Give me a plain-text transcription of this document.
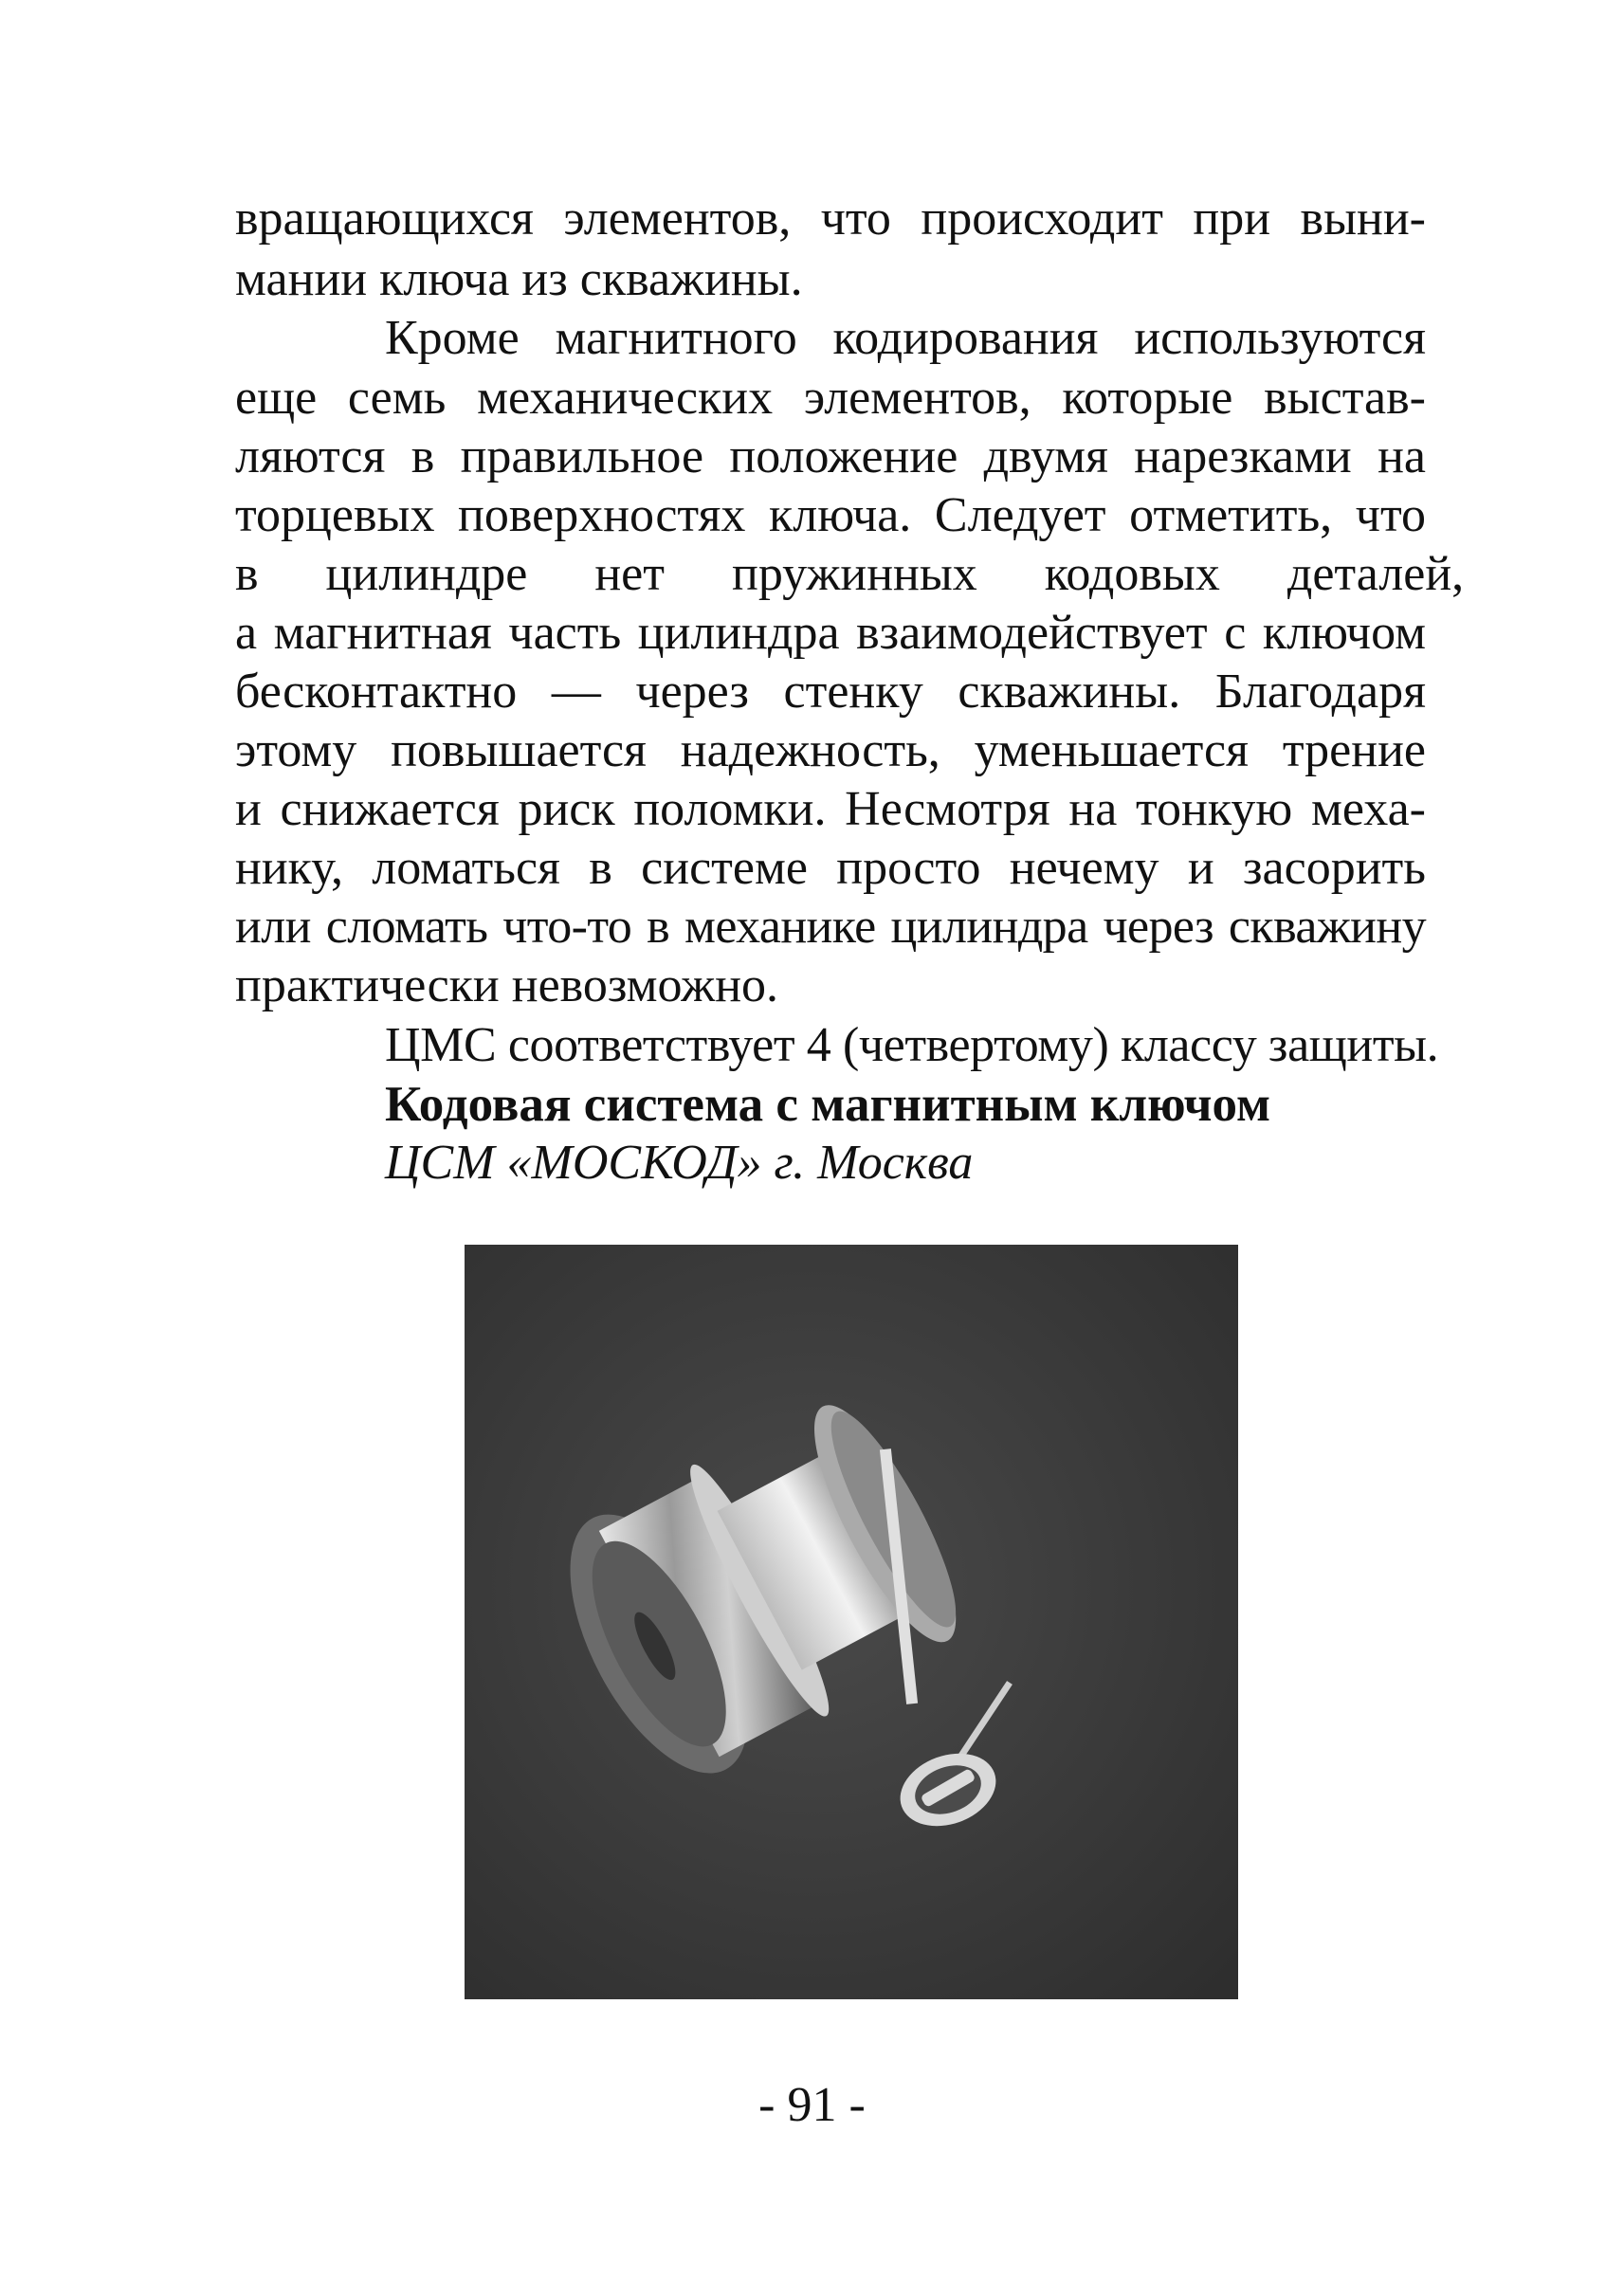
вращающихся элементов, что происходит при выни-
мании ключа из скважины.
Кроме магнитного кодирования используются
еще семь механических элементов, которые выстав-
ляются в правильное положение двумя нарезками на
торцевых поверхностях ключа. Следует отметить, что
в цилиндре нет пружинных кодовых деталей,
а магнитная часть цилиндра взаимодействует с ключом
бесконтактно — через стенку скважины. Благодаря
этому повышается надежность, уменьшается трение
и снижается риск поломки. Несмотря на тонкую меха-
нику, ломаться в системе просто нечему и засорить
или сломать что-то в механике цилиндра через скважину
практически невозможно.
ЦМС соответствует 4 (четвертому) классу защиты.
Кодовая система с магнитным ключом
ЦСМ «МОСКОД» г. Москва
- 91 -
